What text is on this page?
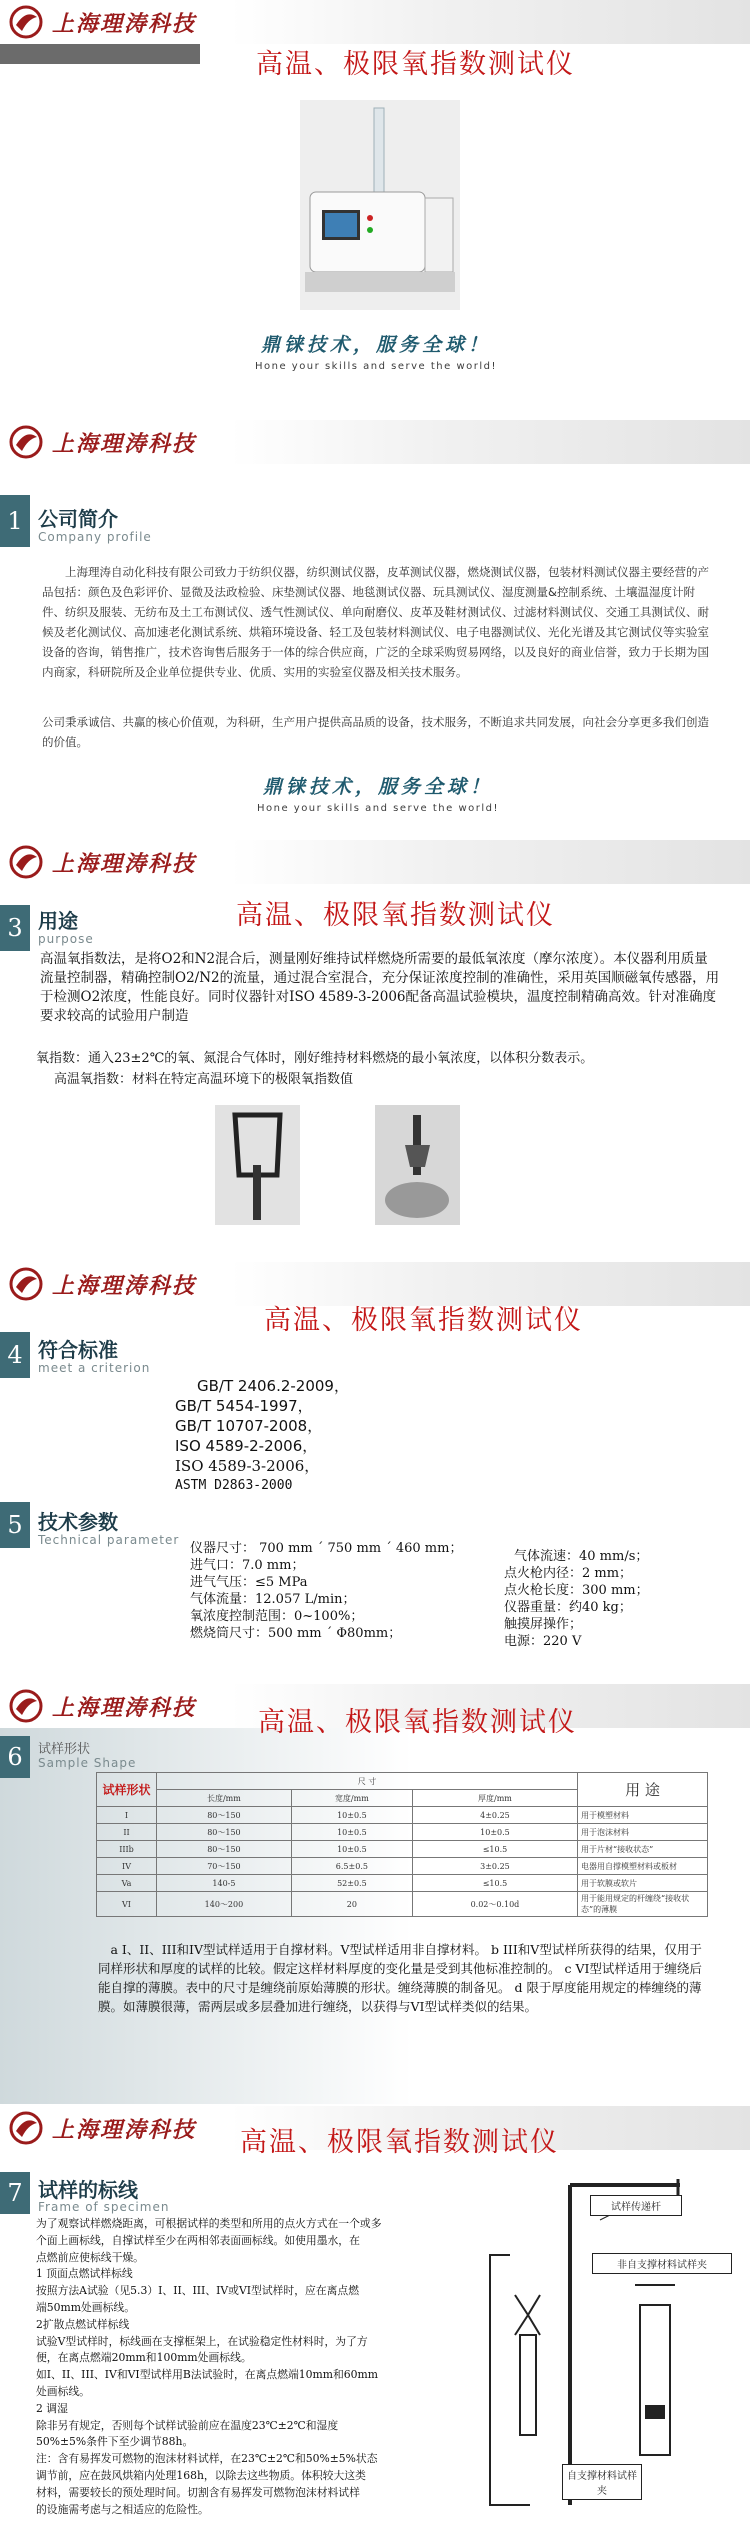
上海理涛科技
高温、极限氧指数测试仪
鼎铼技术，服务全球！
Hone your skills and serve the world!
上海理涛科技
1 公司简介
Company profile
上海理涛自动化科技有限公司致力于纺织仪器，纺织测试仪器，皮革测试仪器，燃烧测试仪器，包装材料测试仪器主要经营的产品包括：颜色及色彩评价、显微及法政检验、床垫测试仪器、地毯测试仪器、玩具测试仪、湿度测量&控制系统、土壤温湿度计附件、纺织及服装、无纺布及土工布测试仪、透气性测试仪、单向耐磨仪、皮革及鞋材测试仪、过滤材料测试仪、交通工具测试仪、耐候及老化测试仪、高加速老化测试系统、烘箱环境设备、轻工及包装材料测试仪、电子电器测试仪、光化光谱及其它测试仪等实验室设备的咨询，销售推广，技术咨询售后服务于一体的综合供应商，广泛的全球采购贸易网络，以及良好的商业信誉，致力于长期为国内商家，科研院所及企业单位提供专业、优质、实用的实验室仪器及相关技术服务。
公司秉承诚信、共赢的核心价值观，为科研，生产用户提供高品质的设备，技术服务，不断追求共同发展，向社会分享更多我们创造的价值。
鼎铼技术，服务全球！
Hone your skills and serve the world!
上海理涛科技
3 用途
purpose
高温、极限氧指数测试仪
高温氧指数法，是将O2和N2混合后，测量刚好维持试样燃烧所需要的最低氧浓度（摩尔浓度）。本仪器利用质量流量控制器，精确控制O2/N2的流量，通过混合室混合，充分保证浓度控制的准确性，采用英国顺磁氧传感器，用于检测O2浓度，性能良好。同时仪器针对ISO 4589-3-2006配备高温试验模块，温度控制精确高效。针对准确度要求较高的试验用户制造
氧指数：通入23±2℃的氧、氮混合气体时，刚好维持材料燃烧的最小氧浓度，以体积分数表示。
高温氧指数：材料在特定高温环境下的极限氧指数值
上海理涛科技
高温、极限氧指数测试仪
4 符合标准
meet a criterion
GB/T 2406.2-2009，
GB/T 5454-1997，
GB/T 10707-2008，
ISO 4589-2-2006，
ISO 4589-3-2006，
ASTM D2863-2000
5 技术参数
Technical parameter
仪器尺寸： 700 mm ´ 750 mm ´ 460 mm；
进气口：7.0 mm；
进气气压：≤5 MPa
气体流量：12.057 L/min；
氧浓度控制范围：0~100%；
燃烧筒尺寸：500 mm ´ Φ80mm；
气体流速：40 mm/s；
点火枪内径：2 mm；
点火枪长度：300 mm；
仪器重量：约40 kg；
触摸屏操作；
电源：220 V
上海理涛科技 高温、极限氧指数测试仪
6	试样形状
Sample Shape
试样形状	尺 寸			用 途
	长度/mm	宽度/mm	厚度/mm	
I	80～150	10±0.5	4±0.25	用于模塑材料
II	80～150	10±0.5	10±0.5	用于泡沫材料
IIIb	80～150	10±0.5	≤10.5	用于片材“接收状态”
IV	70～150	6.5±0.5	3±0.25	电器用自撑模塑材料或板材
Va	140-5	52±0.5	≤10.5	用于软膜或软片
VI	140～200	20	0.02～0.10d	用于能用规定的杆缠绕“接收状态”的薄膜
a I、II、III和IV型试样适用于自撑材料。V型试样适用非自撑材料。 b III和V型试样所获得的结果，仅用于同样形状和厚度的试样的比较。假定这样材料厚度的变化量是受到其他标准控制的。 c VI型试样适用于缠绕后能自撑的薄膜。表中的尺寸是缠绕前原始薄膜的形状。缠绕薄膜的制备见。 d 限于厚度能用规定的棒缠绕的薄膜。如薄膜很薄，需两层或多层叠加进行缠绕，以获得与VI型试样类似的结果。
上海理涛科技 高温、极限氧指数测试仪
7 试样的标线
Frame of specimen
为了观察试样燃烧距离，可根据试样的类型和所用的点火方式在一个或多
个面上画标线，自撑试样至少在两相邻表面画标线。如使用墨水，在
点燃前应使标线干燥。
1 顶面点燃试样标线
按照方法A试验（见5.3）I、II、III、IV或VI型试样时，应在离点燃
端50mm处画标线。
2扩散点燃试样标线
试验V型试样时，标线画在支撑框架上，在试验稳定性材料时，为了方
便，在离点燃端20mm和100mm处画标线。
如I、II、III、IV和VI型试样用B法试验时，在离点燃端10mm和60mm
处画标线。
2 调湿
除非另有规定，否则每个试样试验前应在温度23℃±2℃和湿度
50%±5%条件下至少调节88h。
注：含有易挥发可燃物的泡沫材料试样，在23℃±2℃和50%±5%状态
调节前，应在鼓风烘箱内处理168h，以除去这些物质。体积较大这类
材料，需要较长的预处理时间。切割含有易挥发可燃物泡沫材料试样
的设施需考虑与之相适应的危险性。
试样传递杆
非自支撑材料试样夹
自支撑材料试样夹
